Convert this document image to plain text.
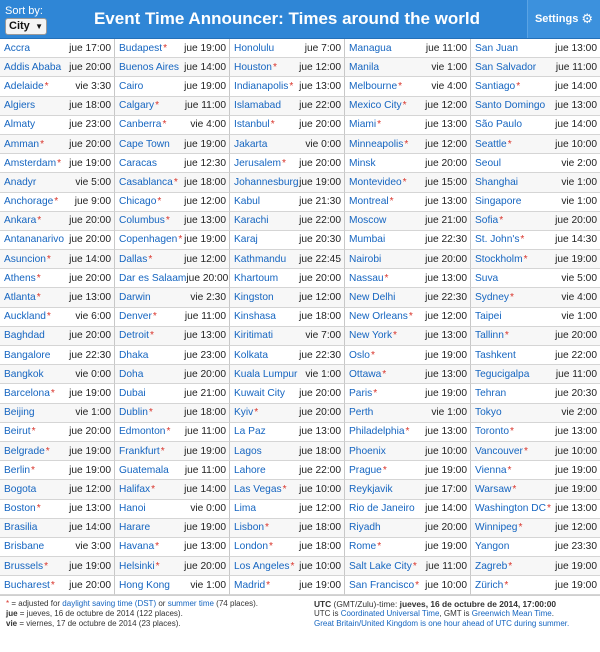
Sort by:
City ▼	Event Time Announcer: Times around the world	Settings ⚙
Accra	jue 17:00 Budapest* jue 19:00 Honolulu	jue 7:00 Managua	jue 11:00 San Juan	jue 13:00
Addis Ababa jue 20:00 Buenos Aires jue 14:00 Houston* jue 12:00 Manila	vie 1:00 San Salvador jue 11:00
Adelaide*	vie 3:30 Cairo	jue 19:00 Indianapolis* jue 13:00 Melbourne*	vie 4:00 Santiago*	jue 14:00
Algiers	jue 18:00 Calgary*	jue 11:00 Islamabad jue 22:00 Mexico City* jue 12:00 Santo Domingo jue 13:00
Almaty	jue 23:00 Canberra* vie 4:00 Istanbul* jue 20:00 Miami*	jue 13:00 São Paulo	jue 14:00
Amman* jue 20:00 Cape Town jue 19:00 Jakarta	vie 0:00 Minneapolis* jue 12:00 Seattle*	jue 10:00
Amsterdam* jue 19:00 Caracas	jue 12:30 Jerusalem* jue 20:00 Minsk	jue 20:00 Seoul	vie 2:00
Anadyr	vie 5:00 Casablanca* jue 18:00 Johannesburg jue 19:00 Montevideo* jue 15:00 Shanghai	vie 1:00
Anchorage* jue 9:00 Chicago* jue 12:00 Kabul	jue 21:30 Montreal*	jue 13:00 Singapore	vie 1:00
Ankara*	jue 20:00 Columbus* jue 13:00 Karachi	jue 22:00 Moscow	jue 21:00 Sofia*	jue 20:00
Antananarivo jue 20:00 Copenhagen* jue 19:00 Karaj	jue 20:30 Mumbai	jue 22:30 St. John's*	jue 14:30
Asuncion* jue 14:00 Dallas*	jue 12:00 Kathmandu jue 22:45 Nairobi	jue 20:00 Stockholm*	jue 19:00
Athens*	jue 20:00 Dar es Salaam jue 20:00 Khartoum jue 20:00 Nassau*	jue 13:00 Suva	vie 5:00
Atlanta*	jue 13:00 Darwin	vie 2:30 Kingston jue 12:00 New Delhi	jue 22:30 Sydney*	vie 4:00
Auckland* vie 6:00 Denver*	jue 11:00 Kinshasa jue 18:00 New Orleans* jue 12:00 Taipei	vie 1:00
Baghdad jue 20:00 Detroit*	jue 13:00 Kiritimati	vie 7:00 New York*	jue 13:00 Tallinn*	jue 20:00
Bangalore jue 22:30 Dhaka	jue 23:00 Kolkata	jue 22:30 Oslo*	jue 19:00 Tashkent	jue 22:00
Bangkok	vie 0:00 Doha	jue 20:00 Kuala Lumpur vie 1:00 Ottawa*	jue 13:00 Tegucigalpa	jue 11:00
Barcelona* jue 19:00 Dubai	jue 21:00 Kuwait City jue 20:00 Paris*	jue 19:00 Tehran	jue 20:30
Beijing	vie 1:00 Dublin*	jue 18:00 Kyiv*	jue 20:00 Perth	vie 1:00 Tokyo	vie 2:00
Beirut*	jue 20:00 Edmonton* jue 11:00 La Paz	jue 13:00 Philadelphia* jue 13:00 Toronto*	jue 13:00
Belgrade* jue 19:00 Frankfurt* jue 19:00 Lagos	jue 18:00 Phoenix	jue 10:00 Vancouver*	jue 10:00
Berlin*	jue 19:00 Guatemala jue 11:00 Lahore	jue 22:00 Prague*	jue 19:00 Vienna*	jue 19:00
Bogota	jue 12:00 Halifax*	jue 14:00 Las Vegas* jue 10:00 Reykjavik	jue 17:00 Warsaw*	jue 19:00
Boston*	jue 13:00 Hanoi	vie 0:00 Lima	jue 12:00 Rio de Janeiro jue 14:00 Washington DC* jue 13:00
Brasilia	jue 14:00 Harare	jue 19:00 Lisbon*	jue 18:00 Riyadh	jue 20:00 Winnipeg*	jue 12:00
Brisbane	vie 3:00 Havana* jue 13:00 London*	jue 18:00 Rome*	jue 19:00 Yangon	jue 23:30
Brussels* jue 19:00 Helsinki* jue 20:00 Los Angeles* jue 10:00 Salt Lake City* jue 11:00 Zagreb*	jue 19:00
Bucharest* jue 20:00 Hong Kong vie 1:00 Madrid*	jue 19:00 San Francisco* jue 10:00 Zürich*	jue 19:00
* = adjusted for daylight saving time (DST) or summer time (74 places).
jue = jueves, 16 de octubre de 2014 (122 places).
vie = viernes, 17 de octubre de 2014 (23 places).
UTC (GMT/Zulu)-time: jueves, 16 de octubre de 2014, 17:00:00
UTC is Coordinated Universal Time, GMT is Greenwich Mean Time.
Great Britain/United Kingdom is one hour ahead of UTC during summer.
